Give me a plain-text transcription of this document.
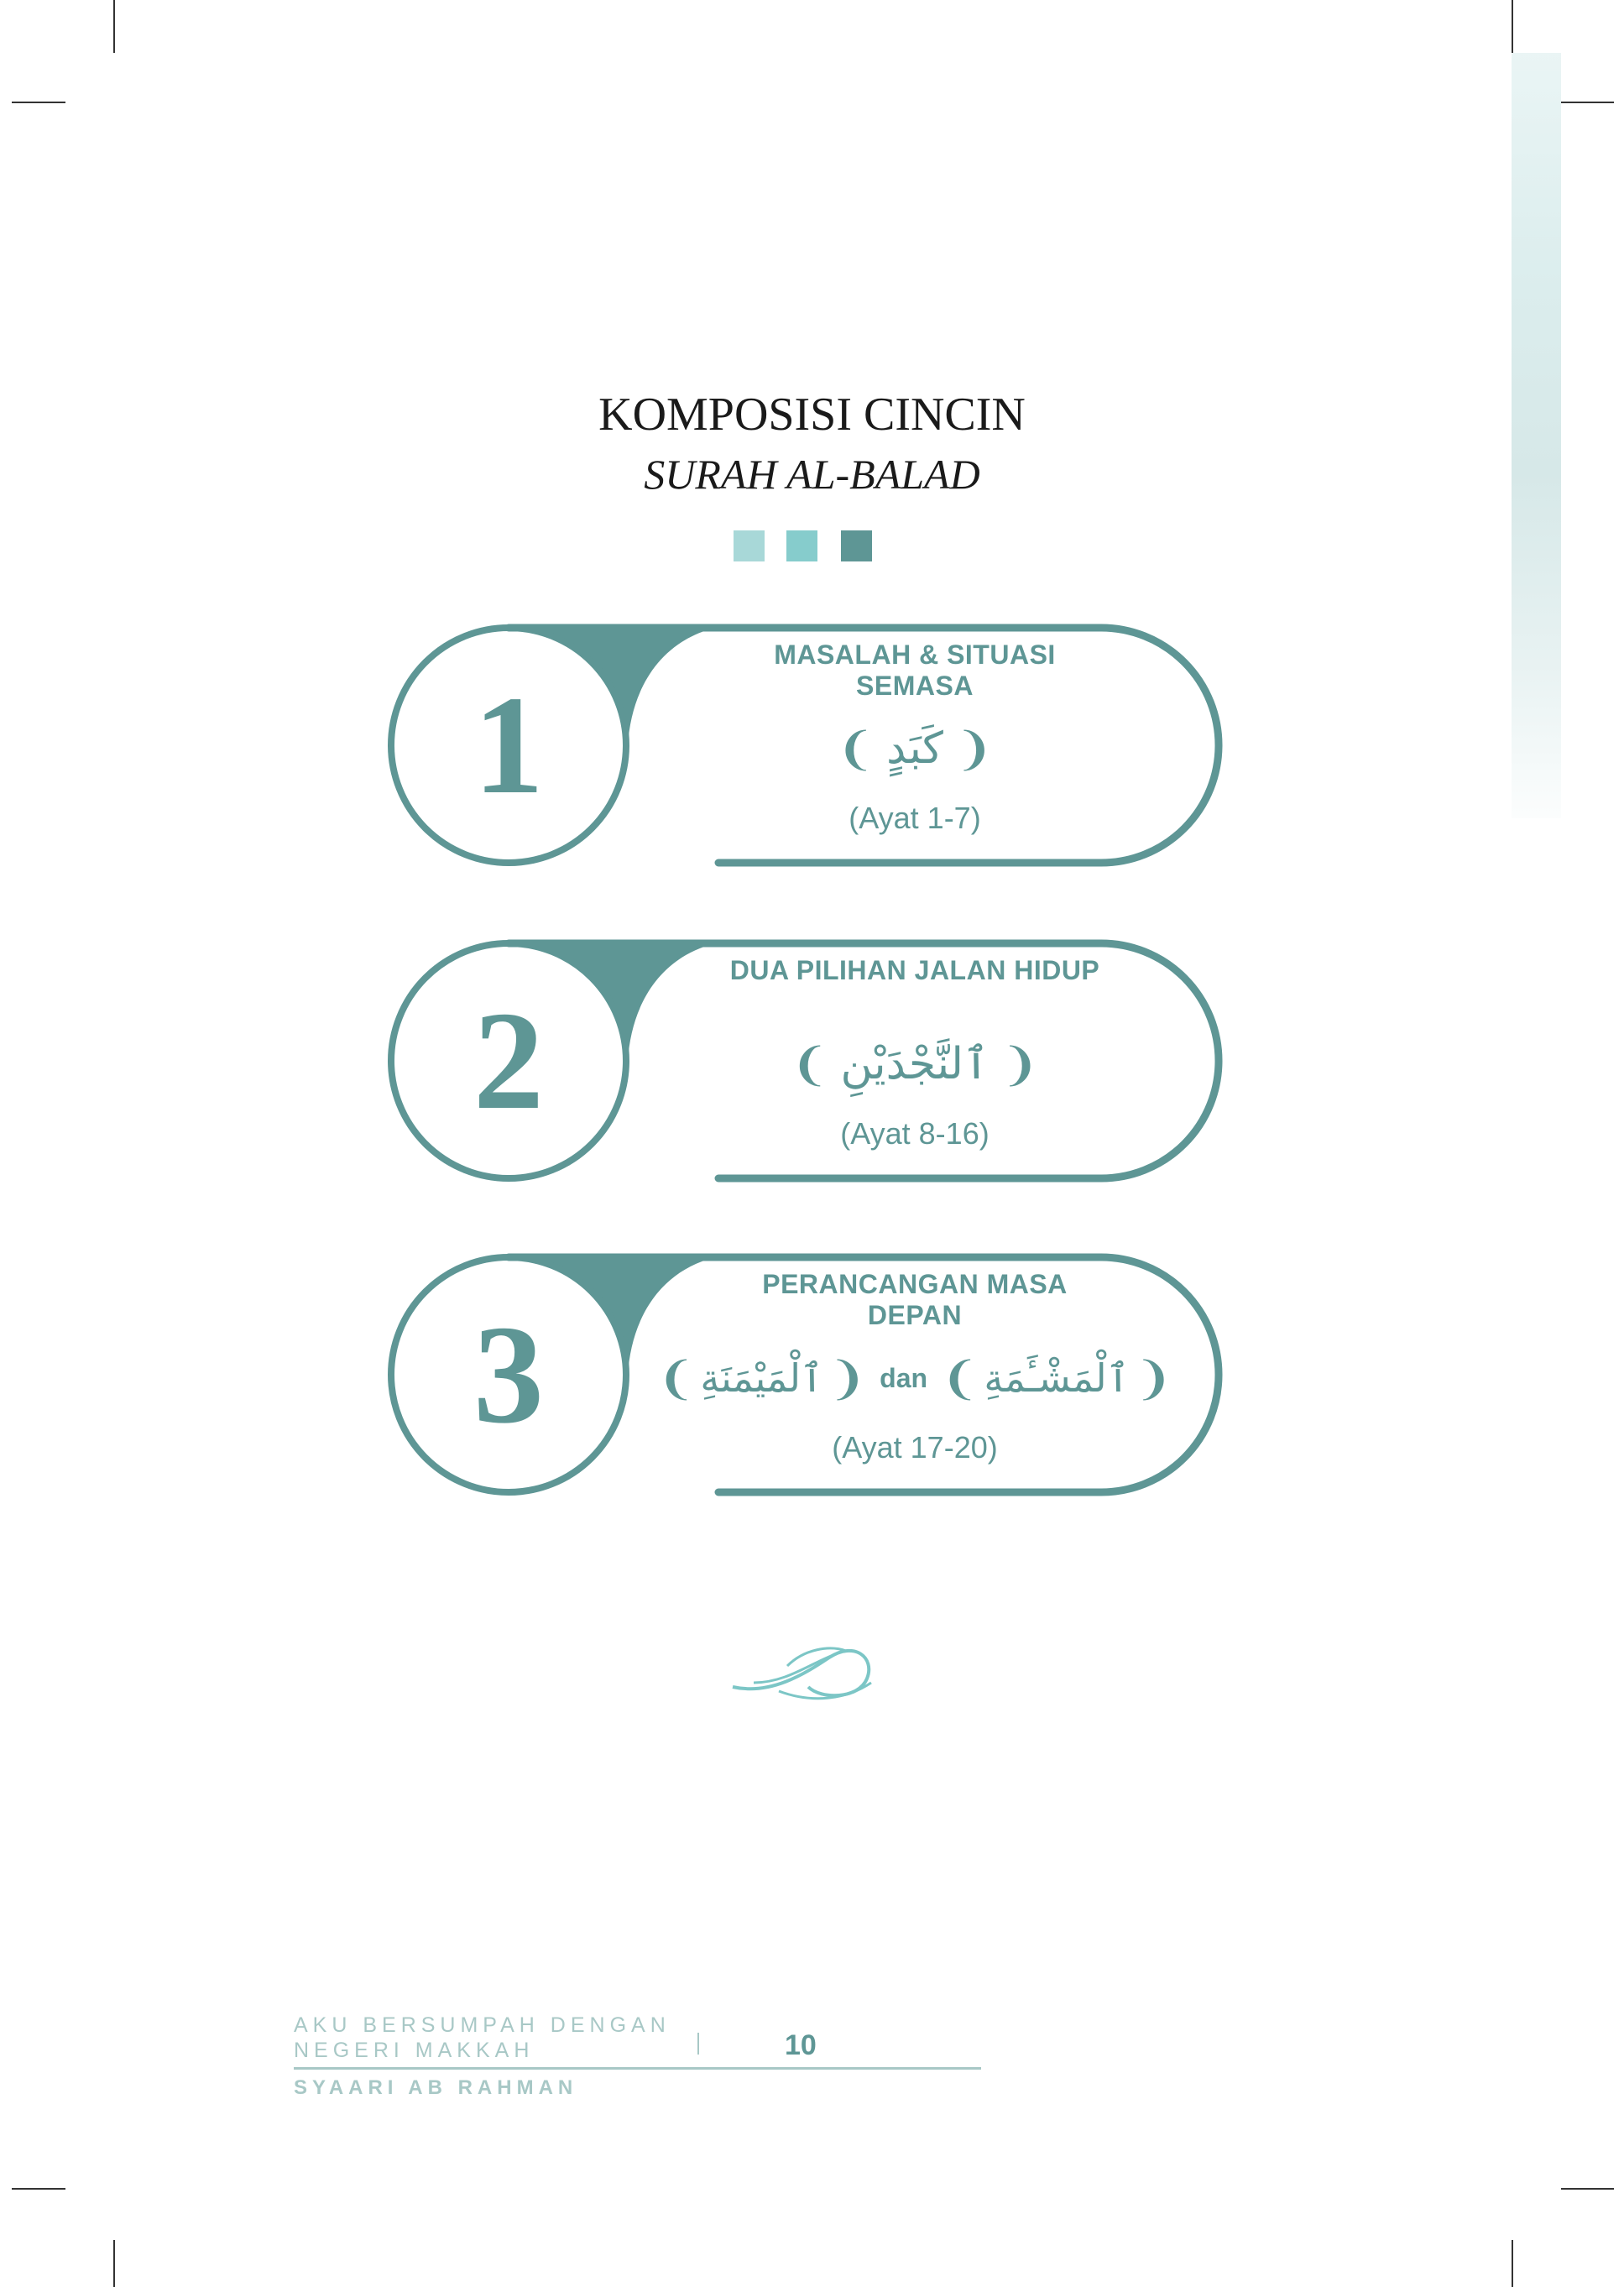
KOMPOSISI CINCIN
SURAH AL-BALAD
1
MASALAH & SITUASI SEMASA
❨ كَبَدٍ ❩
(Ayat 1-7)
2
DUA PILIHAN JALAN HIDUP
❨ ٱلنَّجْدَيْنِ ❩
(Ayat 8-16)
3
PERANCANGAN MASA DEPAN
❨ ٱلْمَيْمَنَةِ ❩ dan ❨ ٱلْمَشْـَٔمَةِ ❩
(Ayat 17-20)
AKU BERSUMPAH DENGAN
NEGERI MAKKAH	10
SYAARI AB RAHMAN
